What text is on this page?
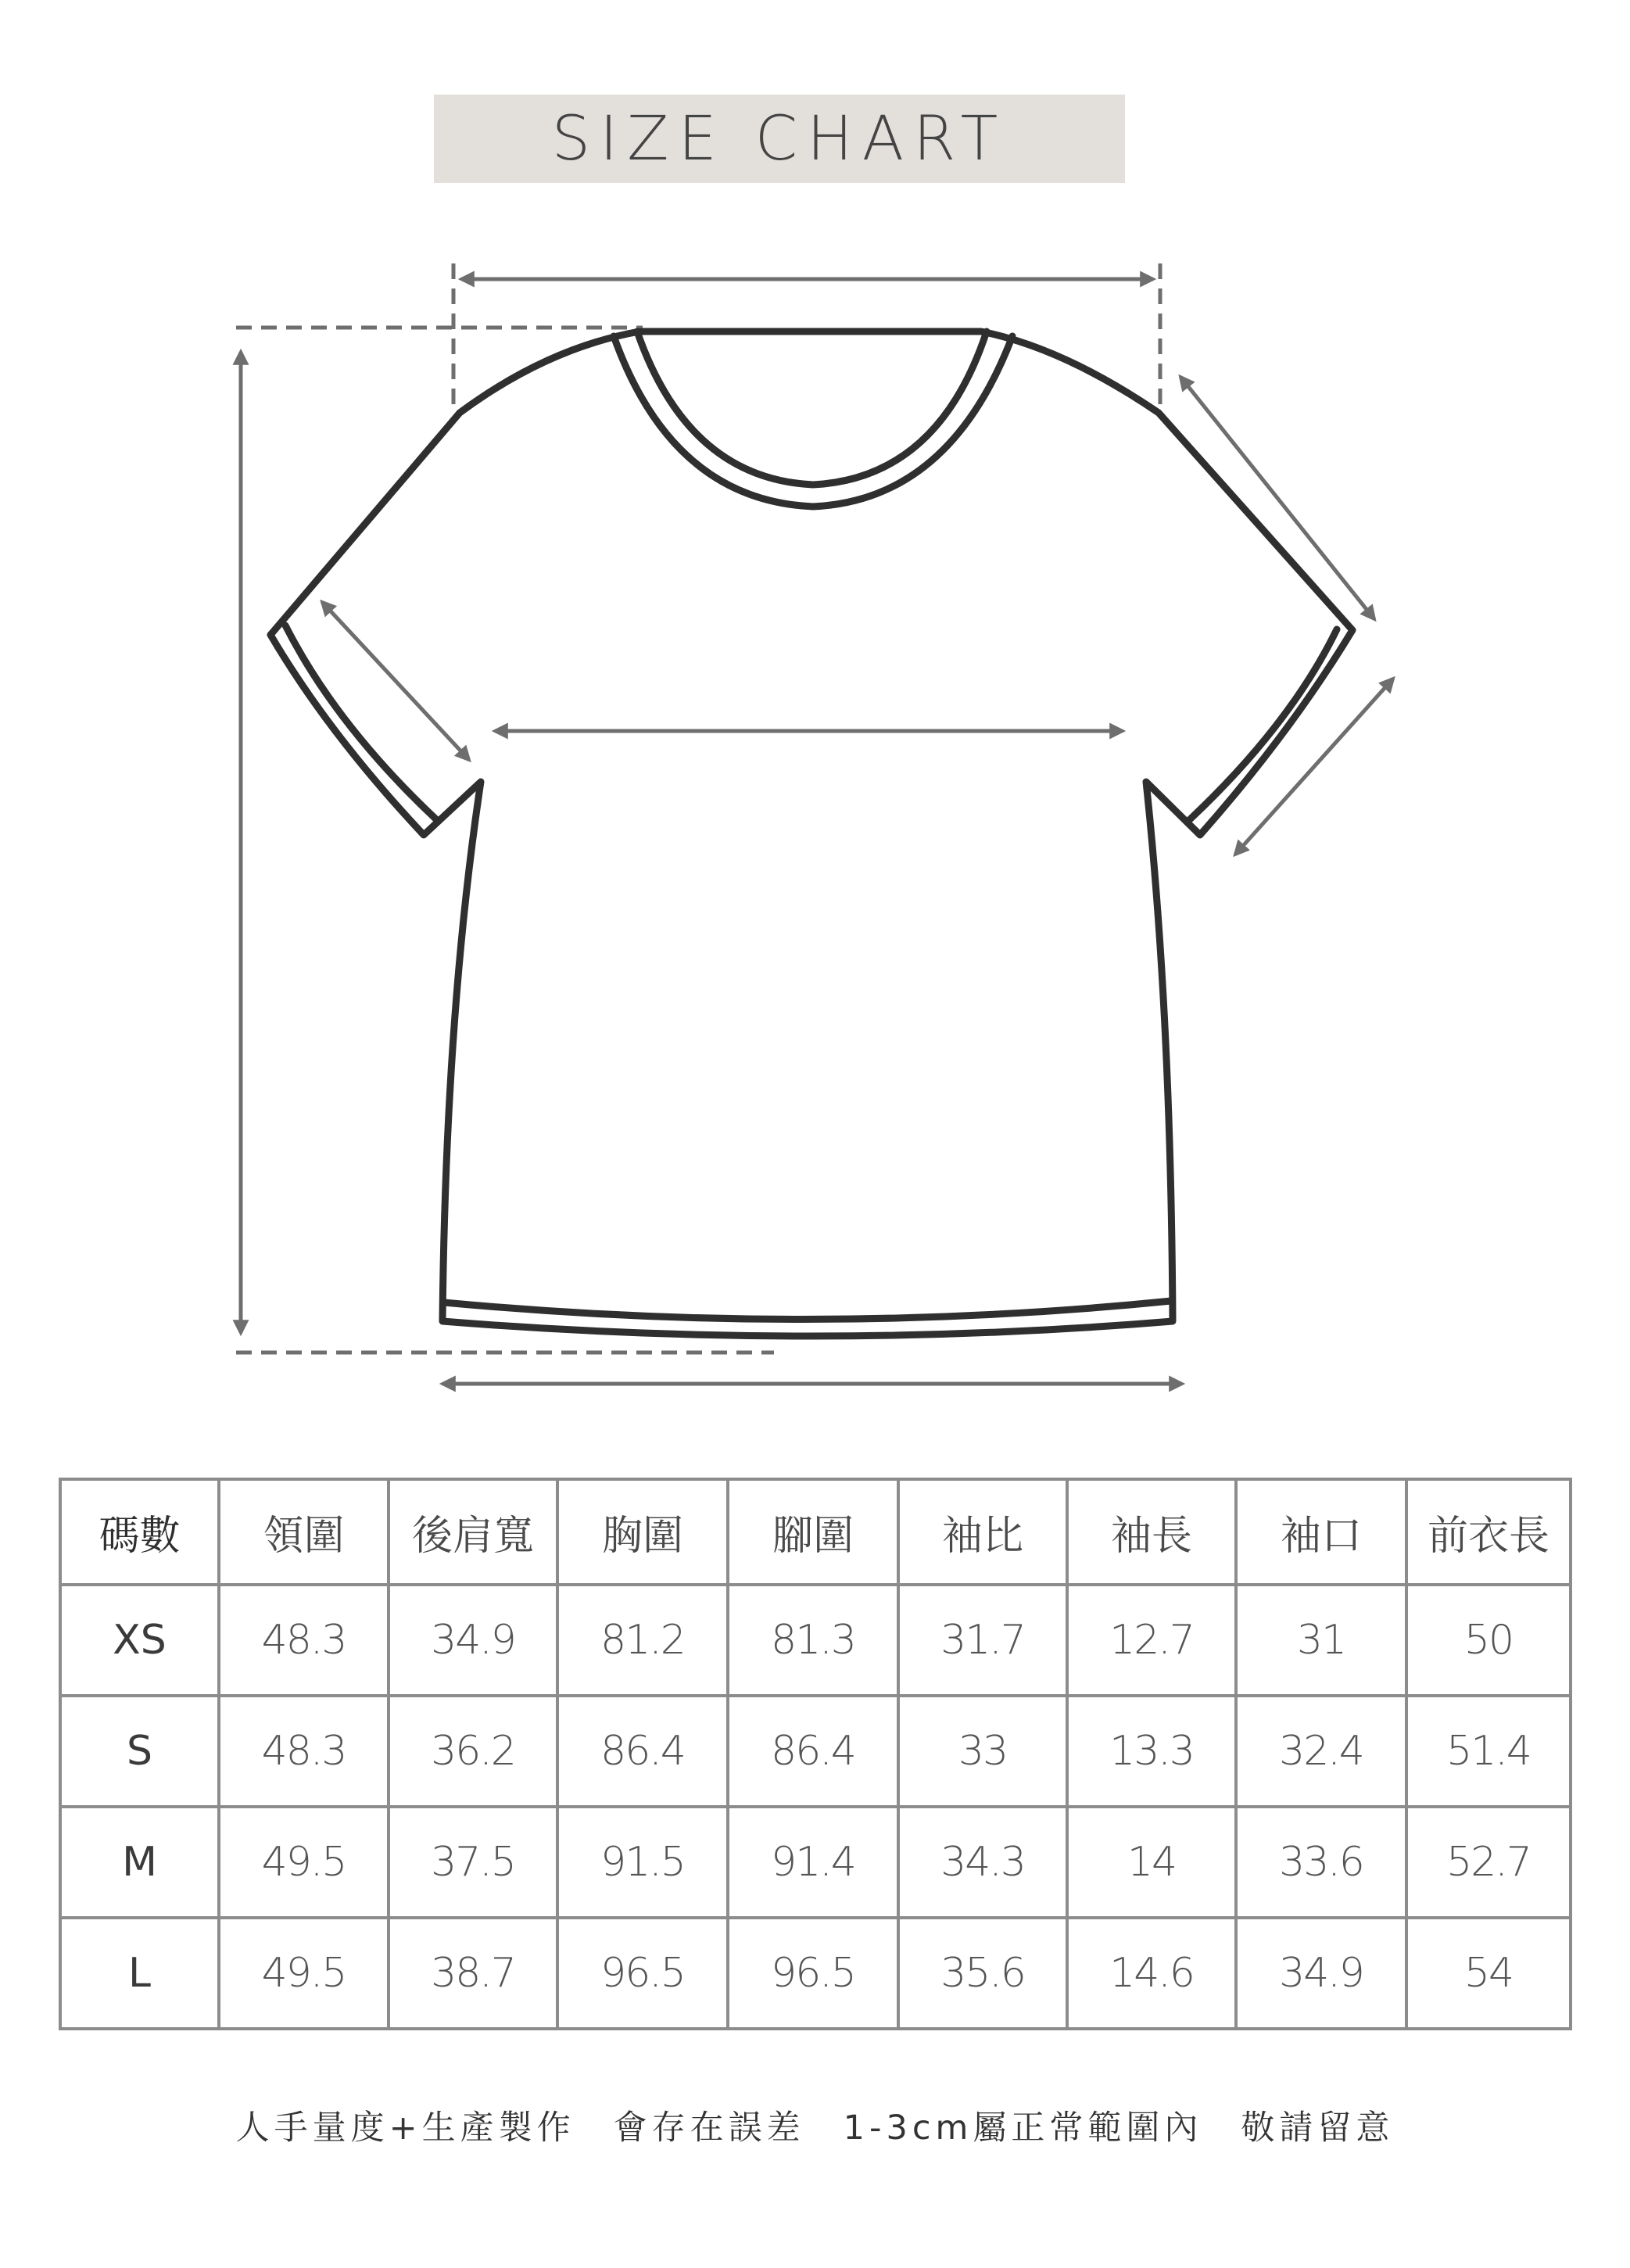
SIZE CHART
碼數	領圍	後肩寬	胸圍	腳圍	袖比	袖長	袖口	前衣長
XS	48.3	34.9	81.2	81.3	31.7	12.7	31	50
S	48.3	36.2	86.4	86.4	33	13.3	32.4	51.4
M	49.5	37.5	91.5	91.4	34.3	14	33.6	52.7
L	49.5	38.7	96.5	96.5	35.6	14.6	34.9	54
人手量度+生產製作　會存在誤差　1-3cm屬正常範圍內　敬請留意
